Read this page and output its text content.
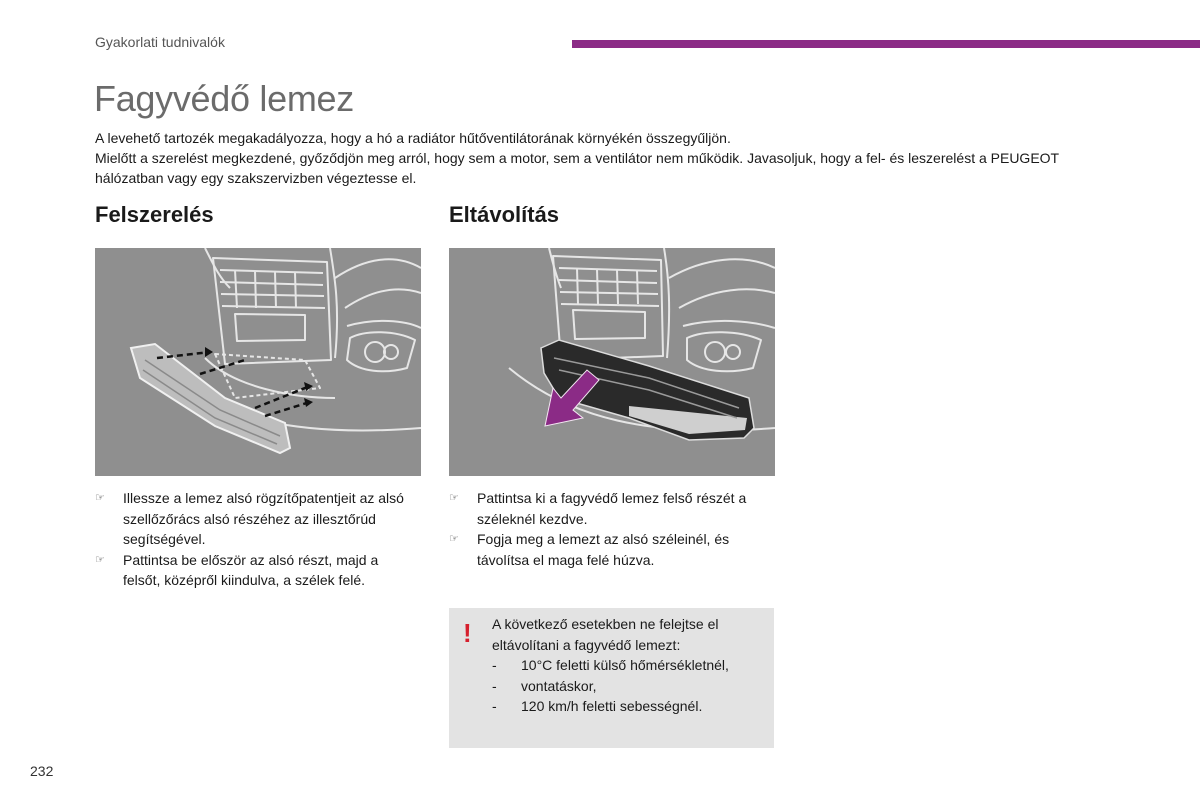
Gyakorlati tudnivalók
Fagyvédő lemez

A levehető tartozék megakadályozza, hogy a hó a radiátor hűtőventilátorának környékén összegyűljön.

Mielőtt a szerelést megkezdené, győződjön meg arról, hogy sem a motor, sem a ventilátor nem működik. Javasoljuk, hogy a fel- és leszerelést a PEUGEOT hálózatban vagy egy szakszervizben végeztesse el.

Felszerelés
☞ Illessze a lemez alsó rögzítőpatentjeit az alsó szellőzőrács alsó részéhez az illesztőrúd segítségével.
☞ Pattintsa be először az alsó részt, majd a felsőt, középről kiindulva, a szélek felé.
Eltávolítás
☞ Pattintsa ki a fagyvédő lemez felső részét a széleknél kezdve.
☞ Fogja meg a lemezt az alsó széleinél, és távolítsa el maga felé húzva.
! A következő esetekben ne felejtse el eltávolítani a fagyvédő lemezt:
- 10°C feletti külső hőmérsékletnél,
- vontatáskor,
- 120 km/h feletti sebességnél.
232
